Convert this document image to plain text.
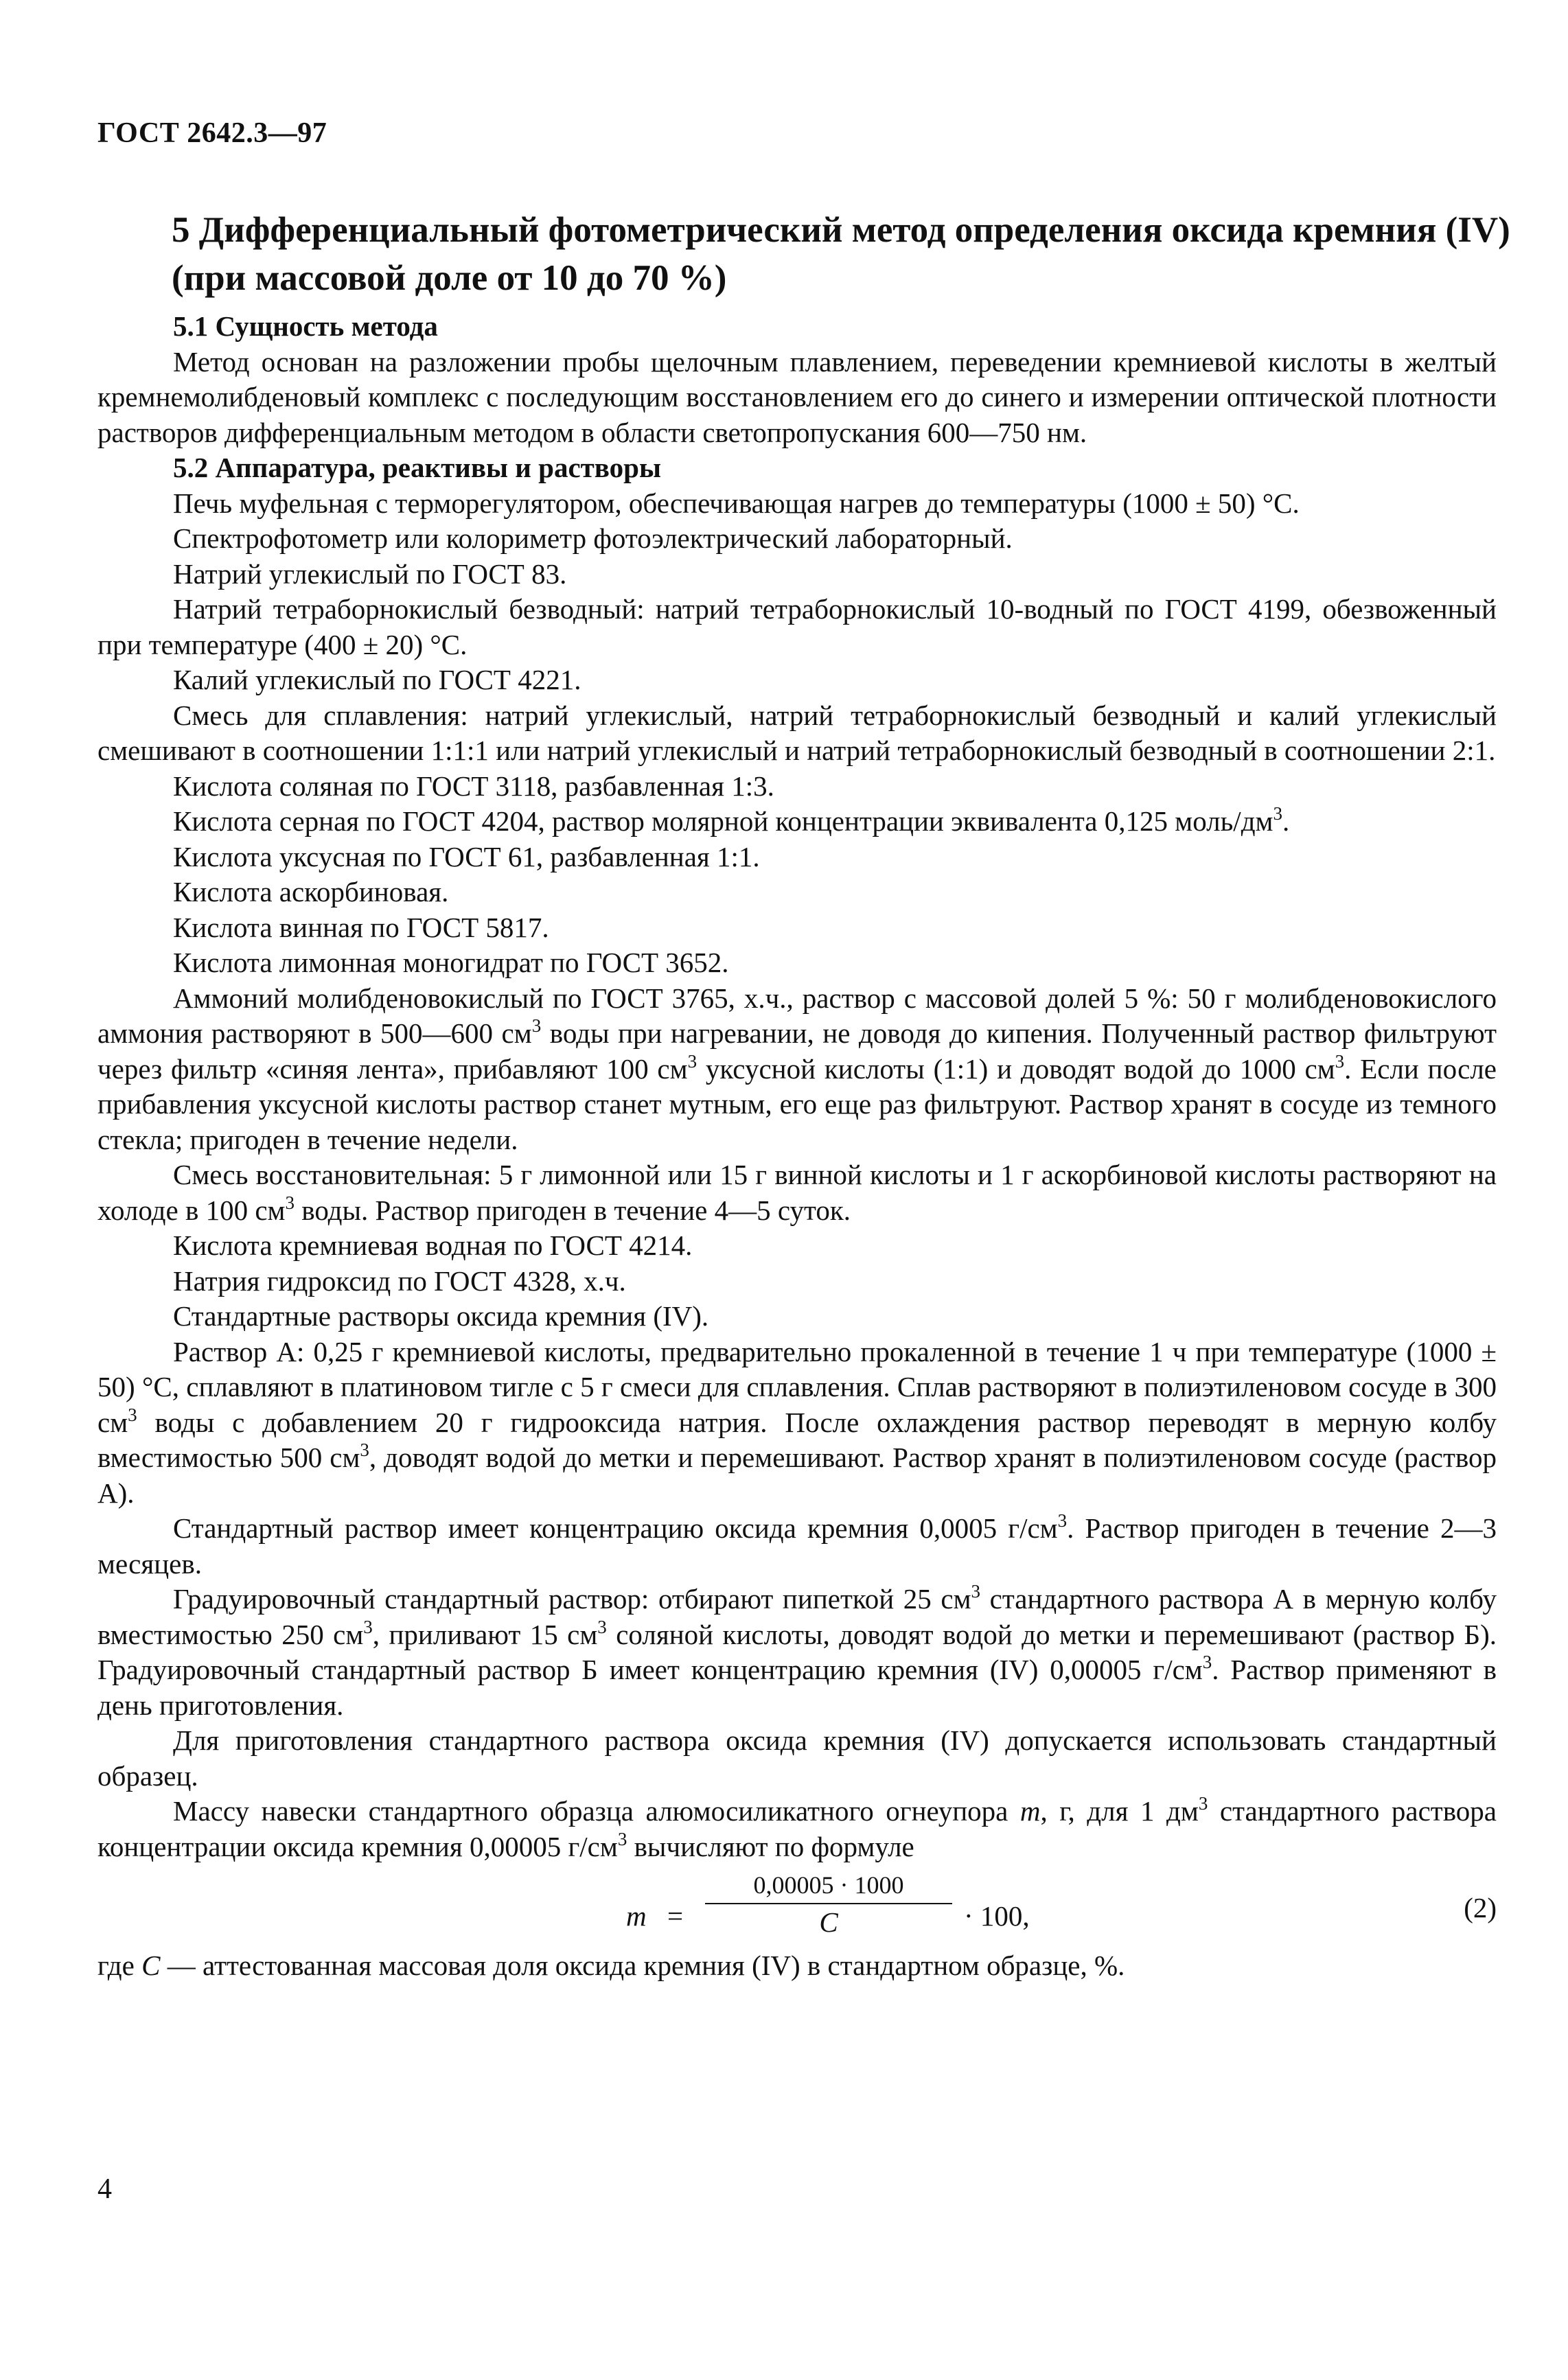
ГОСТ 2642.3—97
5 Дифференциальный фотометрический метод определения оксида кремния (IV)
(при массовой доле от 10 до 70 %)
5.1 Сущность метода

Метод основан на разложении пробы щелочным плавлением, переведении кремниевой кислоты в желтый кремнемолибденовый комплекс с последующим восстановлением его до синего и измерении оптической плотности растворов дифференциальным методом в области светопропускания 600—750 нм.

5.2 Аппаратура, реактивы и растворы

Печь муфельная с терморегулятором, обеспечивающая нагрев до температуры (1000 ± 50) °С.

Спектрофотометр или колориметр фотоэлектрический лабораторный.

Натрий углекислый по ГОСТ 83.

Натрий тетраборнокислый безводный: натрий тетраборнокислый 10-водный по ГОСТ 4199, обезвоженный при температуре (400 ± 20) °С.

Калий углекислый по ГОСТ 4221.

Смесь для сплавления: натрий углекислый, натрий тетраборнокислый безводный и калий углекислый смешивают в соотношении 1:1:1 или натрий углекислый и натрий тетраборнокислый безводный в соотношении 2:1.

Кислота соляная по ГОСТ 3118, разбавленная 1:3.

Кислота серная по ГОСТ 4204, раствор молярной концентрации эквивалента 0,125 моль/$дм^3$.

Кислота уксусная по ГОСТ 61, разбавленная 1:1.

Кислота аскорбиновая.

Кислота винная по ГОСТ 5817.

Кислота лимонная моногидрат по ГОСТ 3652.

Аммоний молибденовокислый по ГОСТ 3765, х.ч., раствор с массовой долей 5 %: 50 г молибденовокислого аммония растворяют в 500—600 $см^3$ воды при нагревании, не доводя до кипения. Полученный раствор фильтруют через фильтр «синяя лента», прибавляют 100 $см^3$ уксусной кислоты (1:1) и доводят водой до 1000 $см^3$. Если после прибавления уксусной кислоты раствор станет мутным, его еще раз фильтруют. Раствор хранят в сосуде из темного стекла; пригоден в течение недели.

Смесь восстановительная: 5 г лимонной или 15 г винной кислоты и 1 г аскорбиновой кислоты растворяют на холоде в 100 $см^3$ воды. Раствор пригоден в течение 4—5 суток.

Кислота кремниевая водная по ГОСТ 4214.

Натрия гидроксид по ГОСТ 4328, х.ч.

Стандартные растворы оксида кремния (IV).

Раствор А: 0,25 г кремниевой кислоты, предварительно прокаленной в течение 1 ч при температуре (1000 ± 50) °С, сплавляют в платиновом тигле с 5 г смеси для сплавления. Сплав растворяют в полиэтиленовом сосуде в 300 $см^3$ воды с добавлением 20 г гидрооксида натрия. После охлаждения раствор переводят в мерную колбу вместимостью 500 $см^3$, доводят водой до метки и перемешивают. Раствор хранят в полиэтиленовом сосуде (раствор А).

Стандартный раствор имеет концентрацию оксида кремния 0,0005 $г/см^3$. Раствор пригоден в течение 2—3 месяцев.

Градуировочный стандартный раствор: отбирают пипеткой 25 $см^3$ стандартного раствора А в мерную колбу вместимостью 250 $см^3$, приливают 15 $см^3$ соляной кислоты, доводят водой до метки и перемешивают (раствор Б). Градуировочный стандартный раствор Б имеет концентрацию кремния (IV) 0,00005 $г/см^3$. Раствор применяют в день приготовления.

Для приготовления стандартного раствора оксида кремния (IV) допускается использовать стандартный образец.

Массу навески стандартного образца алюмосиликатного огнеупора m, г, для 1 $дм^3$ стандартного раствора концентрации оксида кремния 0,00005 $г/см^3$ вычисляют по формуле

$m = \frac{0,00005 \cdot 1000}{C} \cdot 100$,	(2)

где C — аттестованная массовая доля оксида кремния (IV) в стандартном образце, %.

4
